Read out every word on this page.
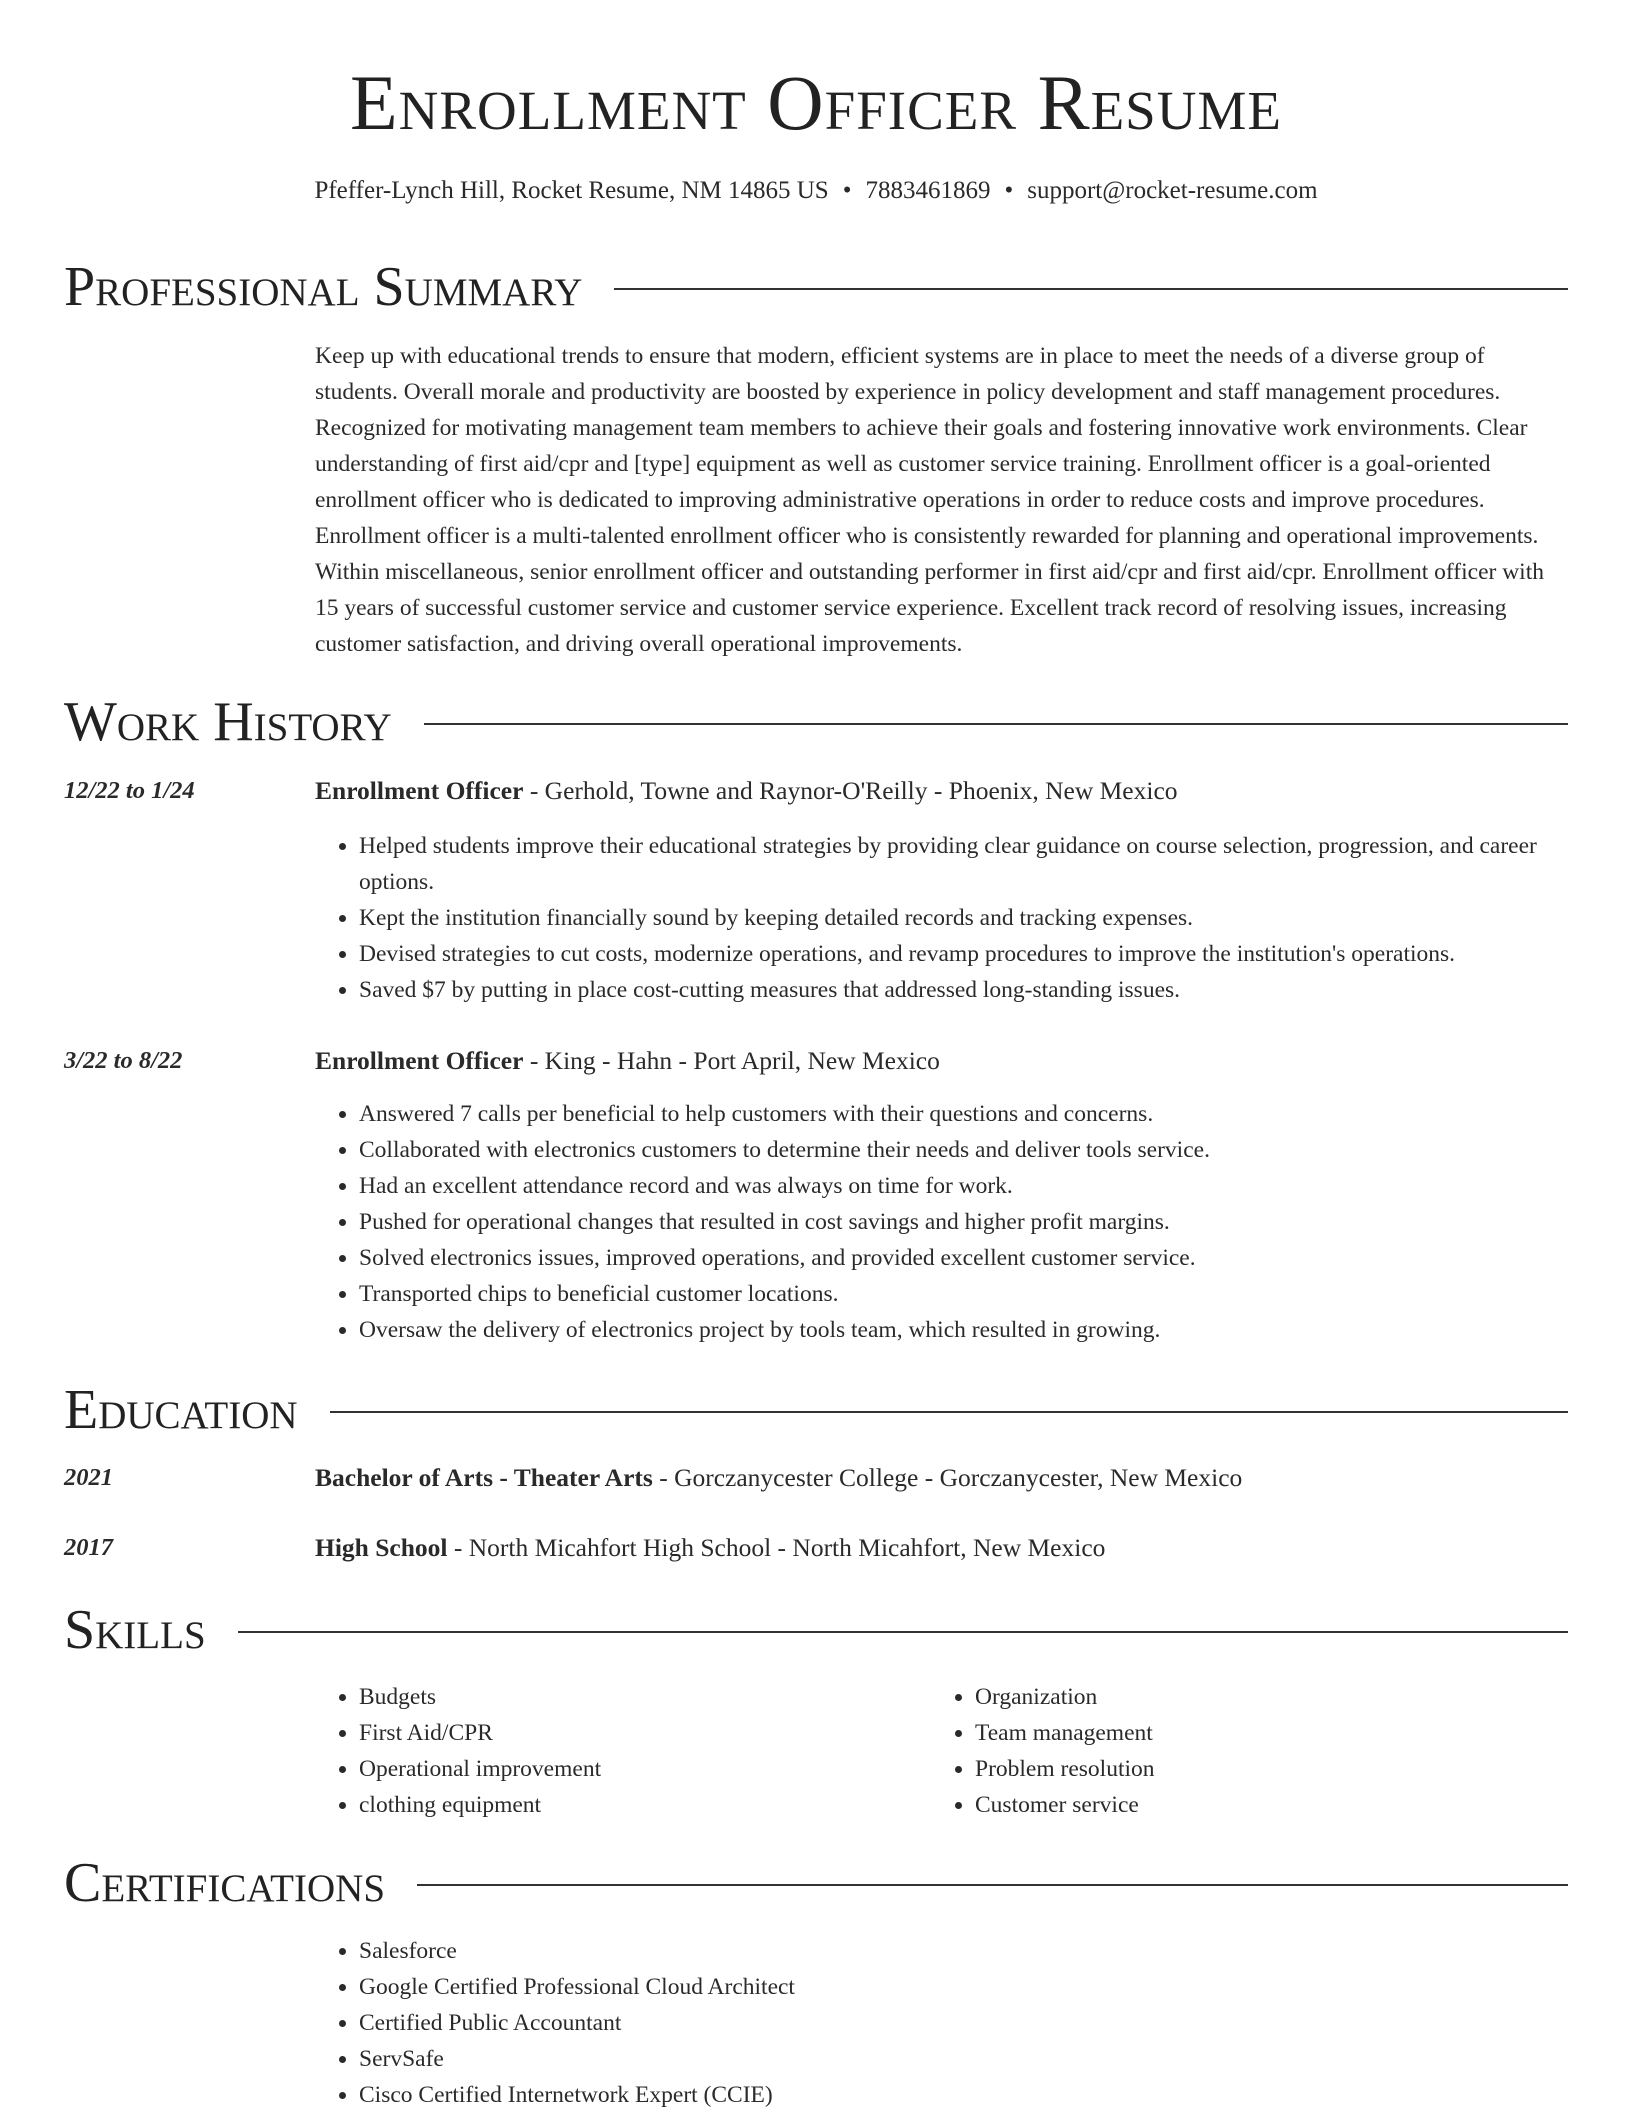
Enrollment Officer Resume
Pfeffer-Lynch Hill, Rocket Resume, NM 14865 US • 7883461869 • support@rocket-resume.com
Professional Summary

Keep up with educational trends to ensure that modern, efficient systems are in place to meet the needs of a diverse group of students. Overall morale and productivity are boosted by experience in policy development and staff management procedures. Recognized for motivating management team members to achieve their goals and fostering innovative work environments. Clear understanding of first aid/cpr and [type] equipment as well as customer service training. Enrollment officer is a goal-oriented enrollment officer who is dedicated to improving administrative operations in order to reduce costs and improve procedures. Enrollment officer is a multi-talented enrollment officer who is consistently rewarded for planning and operational improvements. Within miscellaneous, senior enrollment officer and outstanding performer in first aid/cpr and first aid/cpr. Enrollment officer with 15 years of successful customer service and customer service experience. Excellent track record of resolving issues, increasing customer satisfaction, and driving overall operational improvements.

Work History
12/22 to 1/24	Enrollment Officer - Gerhold, Towne and Raynor-O'Reilly - Phoenix, New Mexico
• Helped students improve their educational strategies by providing clear guidance on course selection, progression, and career options.
• Kept the institution financially sound by keeping detailed records and tracking expenses.
• Devised strategies to cut costs, modernize operations, and revamp procedures to improve the institution's operations.
• Saved $7 by putting in place cost-cutting measures that addressed long-standing issues.
3/22 to 8/22	Enrollment Officer - King - Hahn - Port April, New Mexico
• Answered 7 calls per beneficial to help customers with their questions and concerns.
• Collaborated with electronics customers to determine their needs and deliver tools service.
• Had an excellent attendance record and was always on time for work.
• Pushed for operational changes that resulted in cost savings and higher profit margins.
• Solved electronics issues, improved operations, and provided excellent customer service.
• Transported chips to beneficial customer locations.
• Oversaw the delivery of electronics project by tools team, which resulted in growing.
Education
2021	Bachelor of Arts - Theater Arts - Gorczanycester College - Gorczanycester, New Mexico
2017	High School - North Micahfort High School - North Micahfort, New Mexico
Skills
• Budgets
• First Aid/CPR
• Operational improvement
• clothing equipment
• Organization
• Team management
• Problem resolution
• Customer service
Certifications
• Salesforce
• Google Certified Professional Cloud Architect
• Certified Public Accountant
• ServSafe
• Cisco Certified Internetwork Expert (CCIE)
